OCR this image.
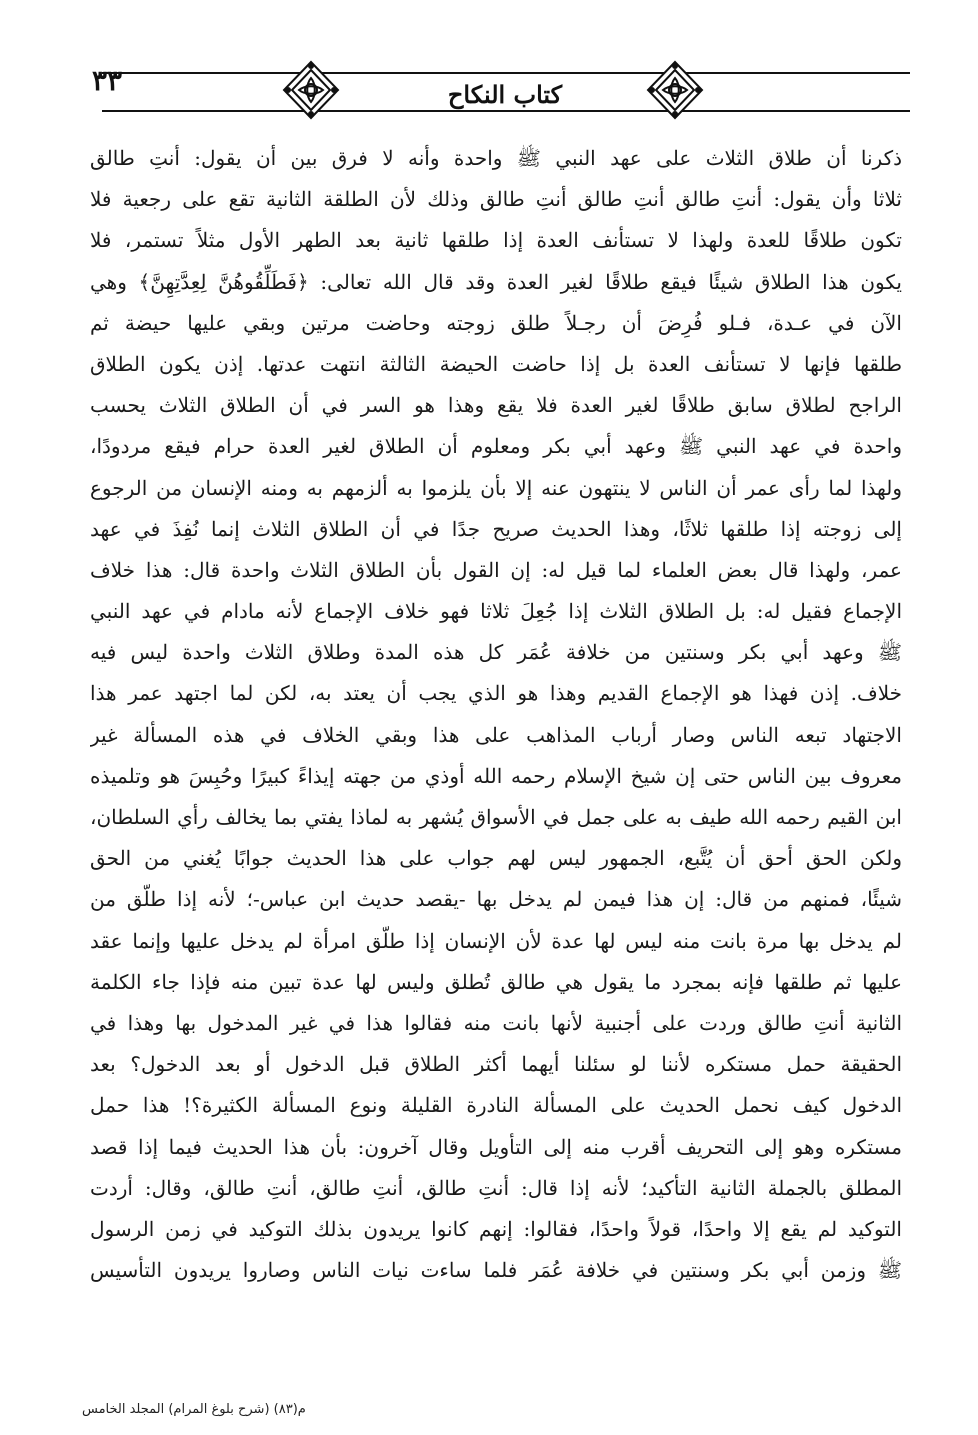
٣٣	كتاب النكاح
ذكرنا أن طلاق الثلاث على عهد النبي ﷺ واحدة وأنه لا فرق بين أن يقول: أنتِ طالق
ثلاثا وأن يقول: أنتِ طالق أنتِ طالق أنتِ طالق وذلك لأن الطلقة الثانية تقع على رجعية فلا
تكون طلاقًا للعدة ولهذا لا تستأنف العدة إذا طلقها ثانية بعد الطهر الأول مثلاً تستمر، فلا
يكون هذا الطلاق شيئًا فيقع طلاقًا لغير العدة وقد قال الله تعالى: ﴿فَطَلِّقُوهُنَّ لِعِدَّتِهِنَّ﴾ وهي
الآن في عـدة، فـلو فُرِضَ أن رجـلاً طلق زوجته وحاضت مرتين وبقي عليها حيضة ثم
طلقها فإنها لا تستأنف العدة بل إذا حاضت الحيضة الثالثة انتهت عدتها. إذن يكون الطلاق
الراجح لطلاق سابق طلاقًا لغير العدة فلا يقع وهذا هو السر في أن الطلاق الثلاث يحسب
واحدة في عهد النبي ﷺ وعهد أبي بكر ومعلوم أن الطلاق لغير العدة حرام فيقع مردودًا،
ولهذا لما رأى عمر أن الناس لا ينتهون عنه إلا بأن يلزموا به ألزمهم به ومنه الإنسان من الرجوع
إلى زوجته إذا طلقها ثلاثًا، وهذا الحديث صريح جدًا في أن الطلاق الثلاث إنما نُفِذَ في عهد
عمر، ولهذا قال بعض العلماء لما قيل له: إن القول بأن الطلاق الثلاث واحدة قال: هذا خلاف
الإجماع فقيل له: بل الطلاق الثلاث إذا جُعِلَ ثلاثا فهو خلاف الإجماع لأنه مادام في عهد النبي
ﷺ وعهد أبي بكر وسنتين من خلافة عُمَر كل هذه المدة وطلاق الثلاث واحدة ليس فيه
خلاف. إذن فهذا هو الإجماع القديم وهذا هو الذي يجب أن يعتد به، لكن لما اجتهد عمر هذا
الاجتهاد تبعه الناس وصار أرباب المذاهب على هذا وبقي الخلاف في هذه المسألة غير
معروف بين الناس حتى إن شيخ الإسلام رحمه الله أوذي من جهته إيذاءً كبيرًا وحُبِسَ هو وتلميذه
ابن القيم رحمه الله طيف به على جمل في الأسواق يُشهر به لماذا يفتي بما يخالف رأي السلطان،
ولكن الحق أحق أن يُتَّبع، الجمهور ليس لهم جواب على هذا الحديث جوابًا يُغني من الحق
شيئًا، فمنهم من قال: إن هذا فيمن لم يدخل بها -يقصد حديث ابن عباس-؛ لأنه إذا طلّق من
لم يدخل بها مرة بانت منه ليس لها عدة لأن الإنسان إذا طلّق امرأة لم يدخل عليها وإنما عقد
عليها ثم طلقها فإنه بمجرد ما يقول هي طالق تُطلق وليس لها عدة تبين منه فإذا جاء الكلمة
الثانية أنتِ طالق وردت على أجنبية لأنها بانت منه فقالوا هذا في غير المدخول بها وهذا في
الحقيقة حمل مستكره لأننا لو سئلنا أيهما أكثر الطلاق قبل الدخول أو بعد الدخول؟ بعد
الدخول كيف نحمل الحديث على المسألة النادرة القليلة ونوع المسألة الكثيرة؟! هذا حمل
مستكره وهو إلى التحريف أقرب منه إلى التأويل وقال آخرون: بأن هذا الحديث فيما إذا قصد
المطلق بالجملة الثانية التأكيد؛ لأنه إذا قال: أنتِ طالق، أنتِ طالق، أنتِ طالق، وقال: أردت
التوكيد لم يقع إلا واحدًا، قولاً واحدًا، فقالوا: إنهم كانوا يريدون بذلك التوكيد في زمن الرسول
ﷺ وزمن أبي بكر وسنتين في خلافة عُمَر فلما ساءت نيات الناس وصاروا يريدون التأسيس
م(٨٣) (شرح بلوغ المرام) المجلد الخامس
